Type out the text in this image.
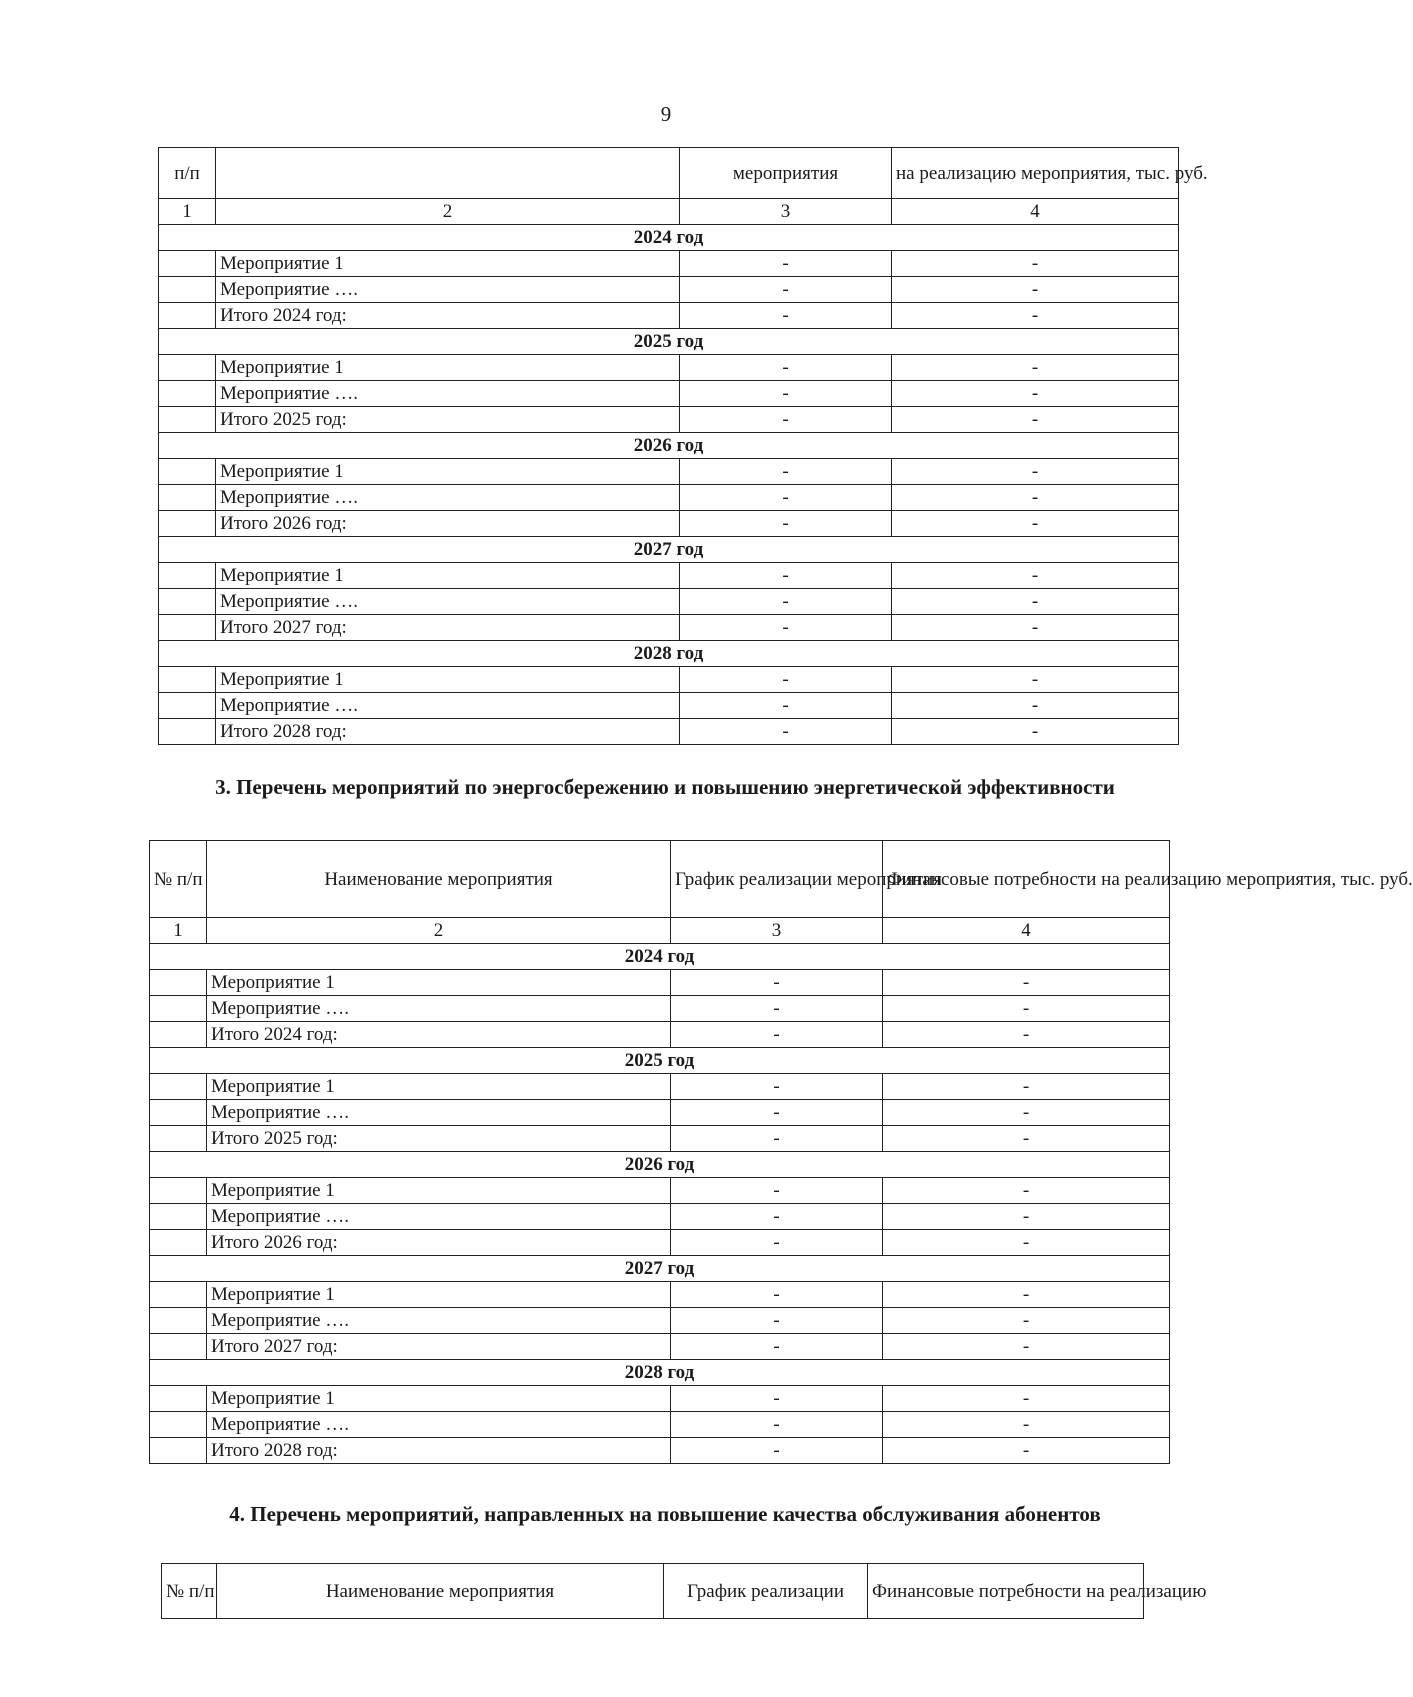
9
п/п		мероприятия	на реализацию мероприятия, тыс. руб.
1	2	3	4
2024 год			
	Мероприятие 1	-	-
	Мероприятие ….	-	-
	Итого 2024 год:	-	-
2025 год			
	Мероприятие 1	-	-
	Мероприятие ….	-	-
	Итого 2025 год:	-	-
2026 год			
	Мероприятие 1	-	-
	Мероприятие ….	-	-
	Итого 2026 год:	-	-
2027 год			
	Мероприятие 1	-	-
	Мероприятие ….	-	-
	Итого 2027 год:	-	-
2028 год			
	Мероприятие 1	-	-
	Мероприятие ….	-	-
	Итого 2028 год:	-	-
3. Перечень мероприятий по энергосбережению и повышению энергетической эффективности
№ п/п	Наименование мероприятия	График реализации мероприятия	Финансовые потребности на реализацию мероприятия, тыс. руб.
1	2	3	4
2024 год			
	Мероприятие 1	-	-
	Мероприятие ….	-	-
	Итого 2024 год:	-	-
2025 год			
	Мероприятие 1	-	-
	Мероприятие ….	-	-
	Итого 2025 год:	-	-
2026 год			
	Мероприятие 1	-	-
	Мероприятие ….	-	-
	Итого 2026 год:	-	-
2027 год			
	Мероприятие 1	-	-
	Мероприятие ….	-	-
	Итого 2027 год:	-	-
2028 год			
	Мероприятие 1	-	-
	Мероприятие ….	-	-
	Итого 2028 год:	-	-
4. Перечень мероприятий, направленных на повышение качества обслуживания абонентов
№ п/п	Наименование мероприятия	График реализации	Финансовые потребности на реализацию
